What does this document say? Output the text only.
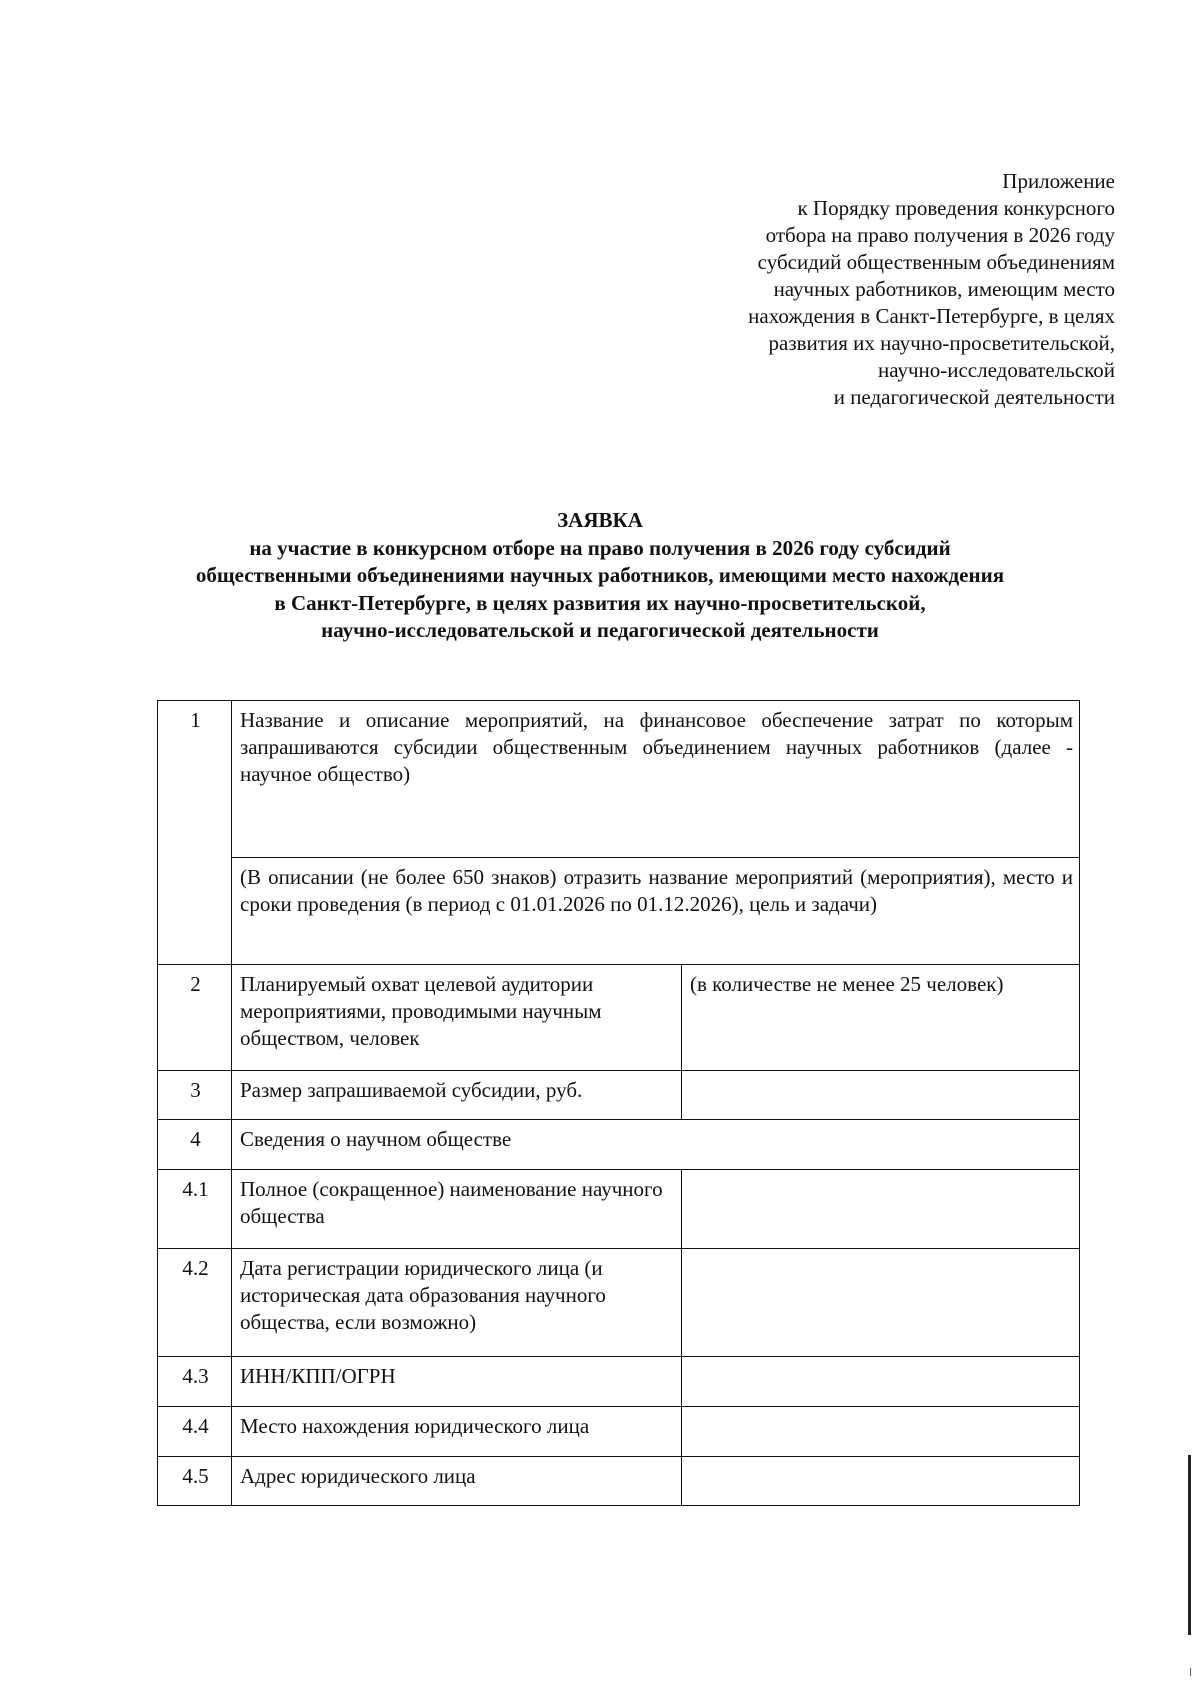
Приложение
к Порядку проведения конкурсного
отбора на право получения в 2026 году
субсидий общественным объединениям
научных работников, имеющим место
нахождения в Санкт-Петербурге, в целях
развития их научно-просветительской,
научно-исследовательской
и педагогической деятельности
ЗАЯВКА
на участие в конкурсном отборе на право получения в 2026 году субсидий
общественными объединениями научных работников, имеющими место нахождения
в Санкт-Петербурге, в целях развития их научно-просветительской,
научно-исследовательской и педагогической деятельности
1	Название и описание мероприятий, на финансовое обеспечение затрат по которым запрашиваются субсидии общественным объединением научных работников (далее - научное общество)	
	(В описании (не более 650 знаков) отразить название мероприятий (мероприятия), место и сроки проведения (в период с 01.01.2026 по 01.12.2026), цель и задачи)	
2	Планируемый охват целевой аудитории мероприятиями, проводимыми научным обществом, человек	(в количестве не менее 25 человек)
3	Размер запрашиваемой субсидии, руб.	
4	Сведения о научном обществе	
4.1	Полное (сокращенное) наименование научного общества	
4.2	Дата регистрации юридического лица (и историческая дата образования научного общества, если возможно)	
4.3	ИНН/КПП/ОГРН	
4.4	Место нахождения юридического лица	
4.5	Адрес юридического лица	
